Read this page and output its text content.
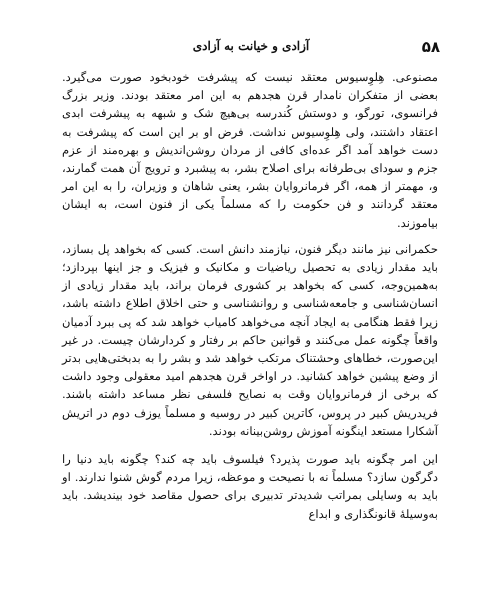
۵۸
آزادی و خیانت به آزادی

مصنوعی. هِلوِسیوس معتقد نیست که پیشرفت خودبخود صورت می‌گیرد. بعضی از متفکران نامدار قرن هجدهم به این امر معتقد بودند. وزیر بزرگ فرانسوی، تورگو، و دوستش کُندرسه بی‌هیچ شک و شبهه به پیشرفت ابدی اعتقاد داشتند، ولی هِلوِسیوس نداشت. فرض او بر این است که پیشرفت به دست خواهد آمد اگر عده‌ای کافی از مردان روشن‌اندیش و بهره‌مند از عزم جزم و سودای بی‌طرفانه برای اصلاح بشر، به پیشبرد و ترویج آن همت گمارند، و، مهمتر از همه، اگر فرمانروایان بشر، یعنی شاهان و وزیران، را به این امر معتقد گردانند و فن حکومت را که مسلماً یکی از فنون است، به ایشان بیاموزند.

حکمرانی نیز مانند دیگر فنون، نیازمند دانش است. کسی که بخواهد پل بسازد، باید مقدار زیادی به تحصیل ریاضیات و مکانیک و فیزیک و جز اینها بپردازد؛ به‌همین‌وجه، کسی که بخواهد بر کشوری فرمان براند، باید مقدار زیادی از انسان‌شناسی و جامعه‌شناسی و روانشناسی و حتی اخلاق اطلاع داشته باشد، زیرا فقط هنگامی به ایجاد آنچه می‌خواهد کامیاب خواهد شد که پی ببرد آدمیان واقعاً چگونه عمل می‌کنند و قوانین حاکم بر رفتار و کردارشان چیست. در غیر این‌صورت، خطاهای وحشتناک مرتکب خواهد شد و بشر را به بدبختی‌هایی بدتر از وضع پیشین خواهد کشانید. در اواخر قرن هجدهم امید معقولی وجود داشت که برخی از فرمانروایان وقت به نصایح فلسفی نظر مساعد داشته باشند. فریدریش کبیر در پروس، کاترین کبیر در روسیه و مسلماً یوزف دوم در اتریش آشکارا مستعد اینگونه آموزش روشن‌بینانه بودند.

این امر چگونه باید صورت پذیرد؟ فیلسوف باید چه کند؟ چگونه باید دنیا را دگرگون سازد؟ مسلماً نه با نصیحت و موعظه، زیرا مردم گوش شنوا ندارند. او باید به وسایلی بمراتب شدیدتر تدبیری برای حصول مقاصد خود بیندیشد. باید به‌وسیلهٔ قانونگذاری و ابداع
